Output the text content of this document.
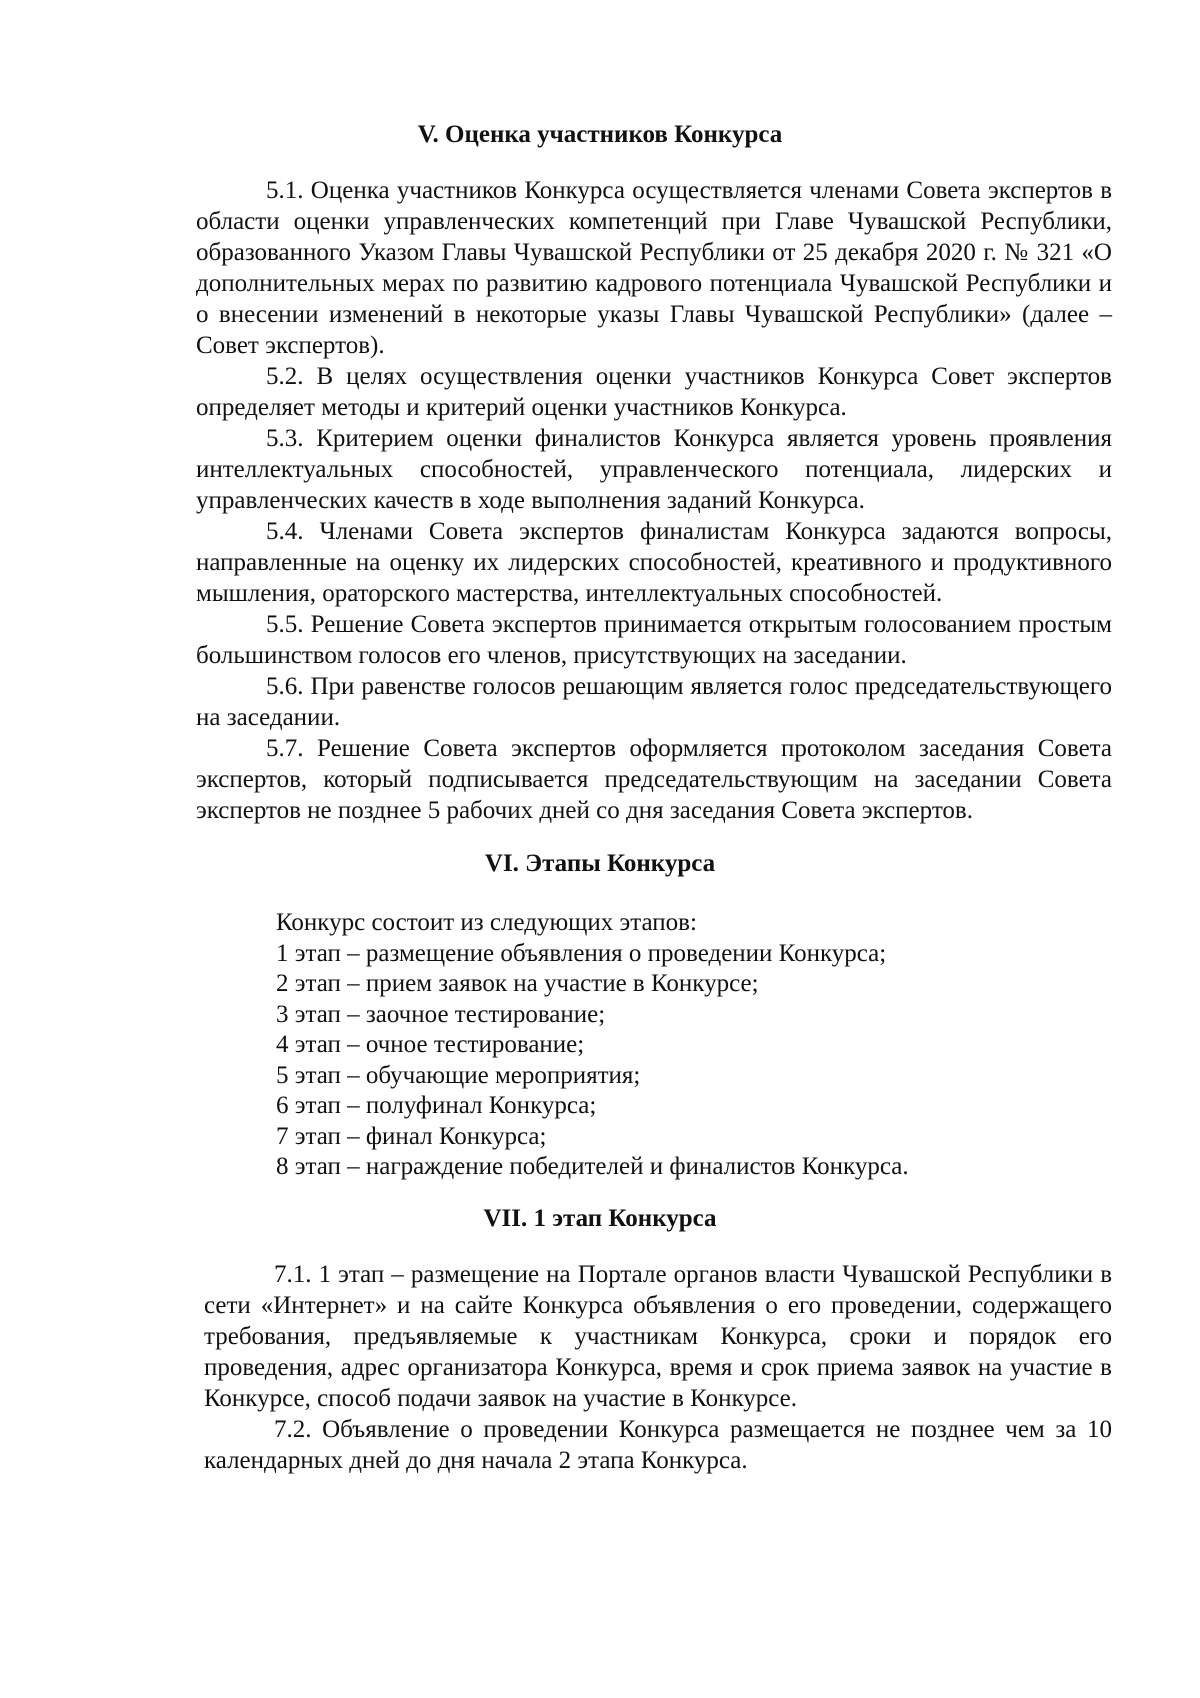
V. Оценка участников Конкурса

5.1. Оценка участников Конкурса осуществляется членами Совета экспертов в области оценки управленческих компетенций при Главе Чувашской Республики, образованного Указом Главы Чувашской Республики от 25 декабря 2020 г. № 321 «О дополнительных мерах по развитию кадрового потенциала Чувашской Республики и о внесении изменений в некоторые указы Главы Чувашской Республики» (далее – Совет экспертов).

5.2. В целях осуществления оценки участников Конкурса Совет экспертов определяет методы и критерий оценки участников Конкурса.

5.3. Критерием оценки финалистов Конкурса является уровень проявления интеллектуальных способностей, управленческого потенциала, лидерских и управленческих качеств в ходе выполнения заданий Конкурса.

5.4. Членами Совета экспертов финалистам Конкурса задаются вопросы, направленные на оценку их лидерских способностей, креативного и продуктивного мышления, ораторского мастерства, интеллектуальных способностей.

5.5. Решение Совета экспертов принимается открытым голосованием простым большинством голосов его членов, присутствующих на заседании.

5.6. При равенстве голосов решающим является голос председательствующего на заседании.

5.7. Решение Совета экспертов оформляется протоколом заседания Совета экспертов, который подписывается председательствующим на заседании Совета экспертов не позднее 5 рабочих дней со дня заседания Совета экспертов.

VI. Этапы Конкурса
Конкурс состоит из следующих этапов:
1 этап – размещение объявления о проведении Конкурса;
2 этап – прием заявок на участие в Конкурсе;
3 этап – заочное тестирование;
4 этап – очное тестирование;
5 этап – обучающие мероприятия;
6 этап – полуфинал Конкурса;
7 этап – финал Конкурса;
8 этап – награждение победителей и финалистов Конкурса.
VII. 1 этап Конкурса

7.1. 1 этап – размещение на Портале органов власти Чувашской Республики в сети «Интернет» и на сайте Конкурса объявления о его проведении, содержащего требования, предъявляемые к участникам Конкурса, сроки и порядок его проведения, адрес организатора Конкурса, время и срок приема заявок на участие в Конкурсе, способ подачи заявок на участие в Конкурсе.

7.2. Объявление о проведении Конкурса размещается не позднее чем за 10 календарных дней до дня начала 2 этапа Конкурса.
